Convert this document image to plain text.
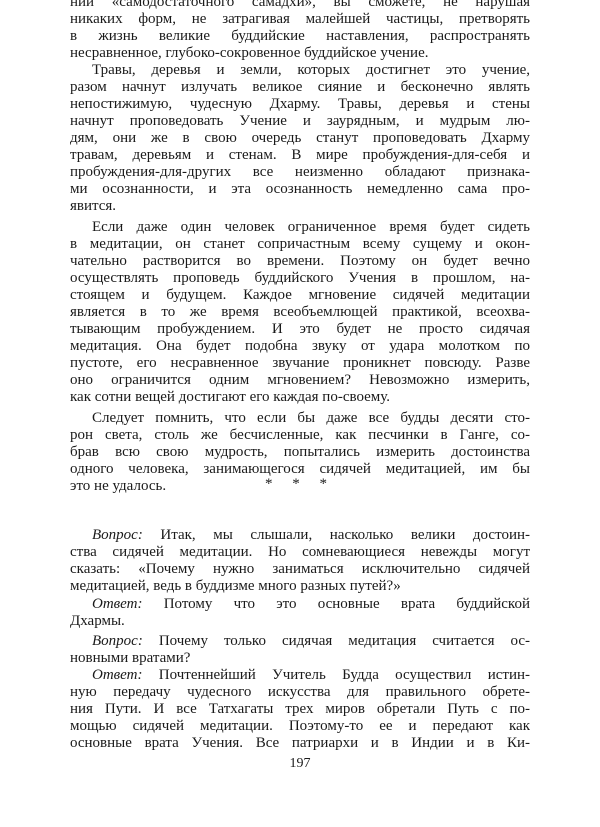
нии «самодостаточного самадхи», вы сможете, не нарушая
никаких форм, не затрагивая малейшей частицы, претворять
в жизнь великие буддийские наставления, распространять
несравненное, глубоко-сокровенное буддийское учение.
Травы, деревья и земли, которых достигнет это учение,
разом начнут излучать великое сияние и бесконечно являть
непостижимую, чудесную Дхарму. Травы, деревья и стены
начнут проповедовать Учение и заурядным, и мудрым лю-
дям, они же в свою очередь станут проповедовать Дхарму
травам, деревьям и стенам. В мире пробуждения-для-себя и
пробуждения-для-других все неизменно обладают признака-
ми осознанности, и эта осознанность немедленно сама про-
явится.
Если даже один человек ограниченное время будет сидеть
в медитации, он станет сопричастным всему сущему и окон-
чательно растворится во времени. Поэтому он будет вечно
осуществлять проповедь буддийского Учения в прошлом, на-
стоящем и будущем. Каждое мгновение сидячей медитации
является в то же время всеобъемлющей практикой, всеохва-
тывающим пробуждением. И это будет не просто сидячая
медитация. Она будет подобна звуку от удара молотком по
пустоте, его несравненное звучание проникнет повсюду. Разве
оно ограничится одним мгновением? Невозможно измерить,
как сотни вещей достигают его каждая по-своему.
Следует помнить, что если бы даже все будды десяти сто-
рон света, столь же бесчисленные, как песчинки в Ганге, со-
брав всю свою мудрость, попытались измерить достоинства
одного человека, занимающегося сидячей медитацией, им бы
это не удалось.	* * *
Вопрос: Итак, мы слышали, насколько велики достоин-
ства сидячей медитации. Но сомневающиеся невежды могут
сказать: «Почему нужно заниматься исключительно сидячей
медитацией, ведь в буддизме много разных путей?»
Ответ: Потому что это основные врата буддийской
Дхармы.
Вопрос: Почему только сидячая медитация считается ос-
новными вратами?
Ответ: Почтеннейший Учитель Будда осуществил истин-
ную передачу чудесного искусства для правильного обрете-
ния Пути. И все Татхагаты трех миров обретали Путь с по-
мощью сидячей медитации. Поэтому-то ее и передают как
основные врата Учения. Все патриархи и в Индии и в Ки-
197
